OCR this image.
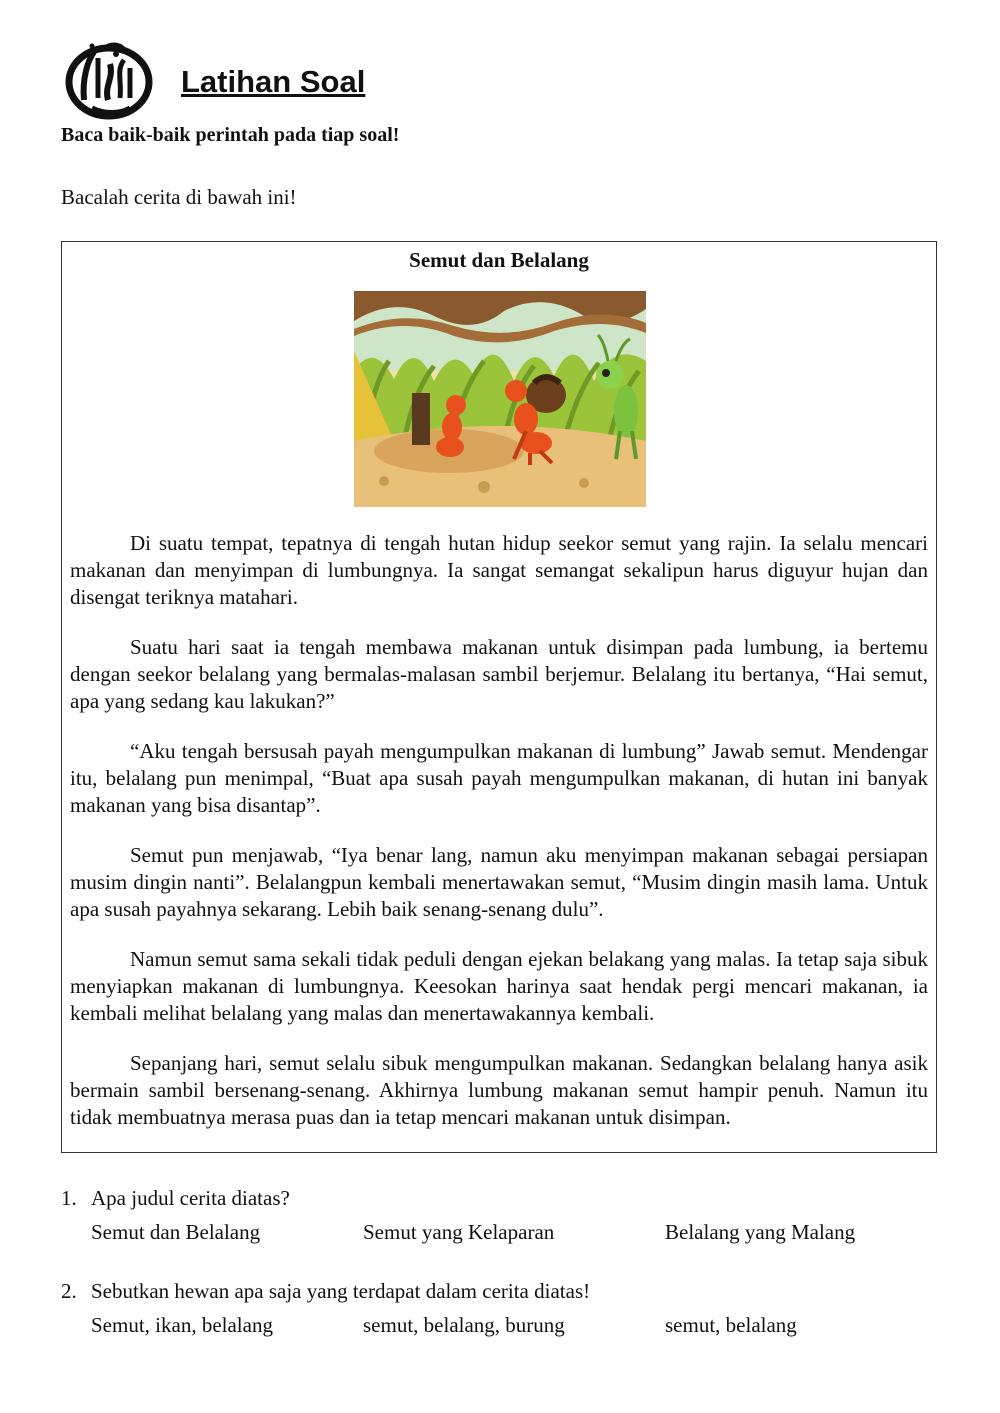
Latihan Soal

Baca baik-baik perintah pada tiap soal!

Bacalah cerita di bawah ini!

Semut dan Belalang

Di suatu tempat, tepatnya di tengah hutan hidup seekor semut yang rajin. Ia selalu mencari makanan dan menyimpan di lumbungnya. Ia sangat semangat sekalipun harus diguyur hujan dan disengat teriknya matahari.

Suatu hari saat ia tengah membawa makanan untuk disimpan pada lumbung, ia bertemu dengan seekor belalang yang bermalas-malasan sambil berjemur. Belalang itu bertanya, “Hai semut, apa yang sedang kau lakukan?”

“Aku tengah bersusah payah mengumpulkan makanan di lumbung” Jawab semut. Mendengar itu, belalang pun menimpal, “Buat apa susah payah mengumpulkan makanan, di hutan ini banyak makanan yang bisa disantap”.

Semut pun menjawab, “Iya benar lang, namun aku menyimpan makanan sebagai persiapan musim dingin nanti”. Belalangpun kembali menertawakan semut, “Musim dingin masih lama. Untuk apa susah payahnya sekarang. Lebih baik senang-senang dulu”.

Namun semut sama sekali tidak peduli dengan ejekan belakang yang malas. Ia tetap saja sibuk menyiapkan makanan di lumbungnya. Keesokan harinya saat hendak pergi mencari makanan, ia kembali melihat belalang yang malas dan menertawakannya kembali.

Sepanjang hari, semut selalu sibuk mengumpulkan makanan. Sedangkan belalang hanya asik bermain sambil bersenang-senang. Akhirnya lumbung makanan semut hampir penuh. Namun itu tidak membuatnya merasa puas dan ia tetap mencari makanan untuk disimpan.

1. Apa judul cerita diatas?
Semut dan Belalang	Semut yang Kelaparan	Belalang yang Malang
2. Sebutkan hewan apa saja yang terdapat dalam cerita diatas!
Semut, ikan, belalang	semut, belalang, burung	semut, belalang
